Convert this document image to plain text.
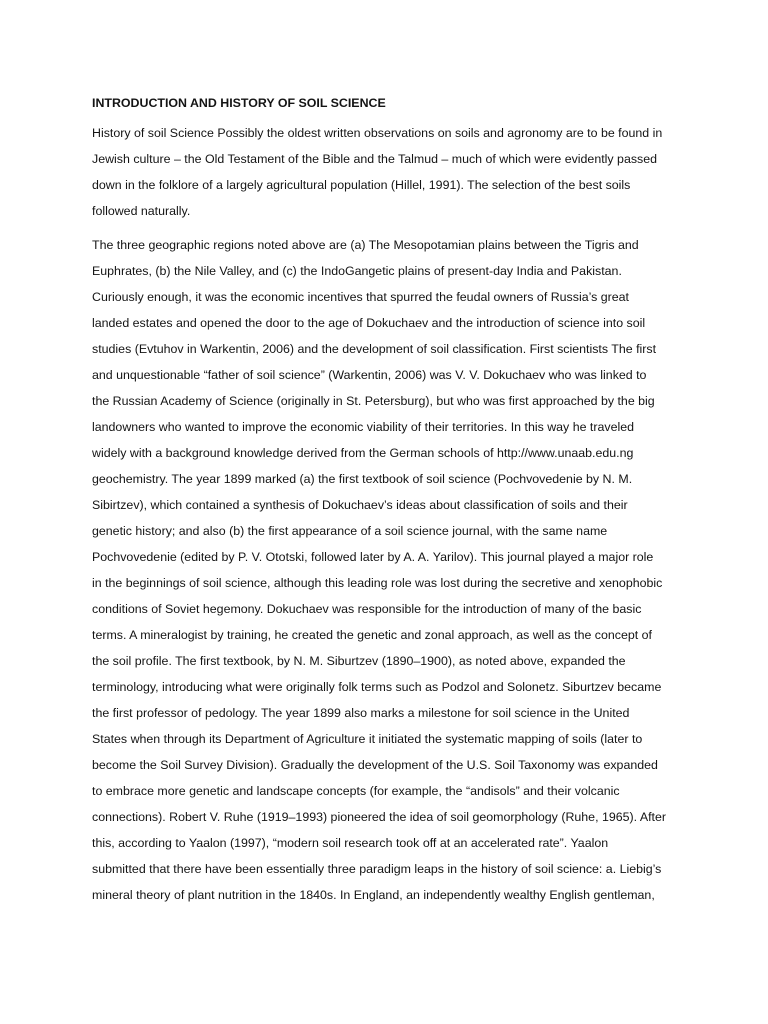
INTRODUCTION AND HISTORY OF SOIL SCIENCE
History of soil Science Possibly the oldest written observations on soils and agronomy are to be found in
Jewish culture – the Old Testament of the Bible and the Talmud – much of which were evidently passed
down in the folklore of a largely agricultural population (Hillel, 1991). The selection of the best soils
followed naturally.
The three geographic regions noted above are (a) The Mesopotamian plains between the Tigris and
Euphrates, (b) the Nile Valley, and (c) the IndoGangetic plains of present-day India and Pakistan.
Curiously enough, it was the economic incentives that spurred the feudal owners of Russia’s great
landed estates and opened the door to the age of Dokuchaev and the introduction of science into soil
studies (Evtuhov in Warkentin, 2006) and the development of soil classification. First scientists The first
and unquestionable “father of soil science” (Warkentin, 2006) was V. V. Dokuchaev who was linked to
the Russian Academy of Science (originally in St. Petersburg), but who was first approached by the big
landowners who wanted to improve the economic viability of their territories. In this way he traveled
widely with a background knowledge derived from the German schools of http://www.unaab.edu.ng
geochemistry. The year 1899 marked (a) the first textbook of soil science (Pochvovedenie by N. M.
Sibirtzev), which contained a synthesis of Dokuchaev’s ideas about classification of soils and their
genetic history; and also (b) the first appearance of a soil science journal, with the same name
Pochvovedenie (edited by P. V. Ototski, followed later by A. A. Yarilov). This journal played a major role
in the beginnings of soil science, although this leading role was lost during the secretive and xenophobic
conditions of Soviet hegemony. Dokuchaev was responsible for the introduction of many of the basic
terms. A mineralogist by training, he created the genetic and zonal approach, as well as the concept of
the soil profile. The first textbook, by N. M. Siburtzev (1890–1900), as noted above, expanded the
terminology, introducing what were originally folk terms such as Podzol and Solonetz. Siburtzev became
the first professor of pedology. The year 1899 also marks a milestone for soil science in the United
States when through its Department of Agriculture it initiated the systematic mapping of soils (later to
become the Soil Survey Division). Gradually the development of the U.S. Soil Taxonomy was expanded
to embrace more genetic and landscape concepts (for example, the “andisols” and their volcanic
connections). Robert V. Ruhe (1919–1993) pioneered the idea of soil geomorphology (Ruhe, 1965). After
this, according to Yaalon (1997), “modern soil research took off at an accelerated rate”. Yaalon
submitted that there have been essentially three paradigm leaps in the history of soil science: a. Liebig’s
mineral theory of plant nutrition in the 1840s. In England, an independently wealthy English gentleman,
